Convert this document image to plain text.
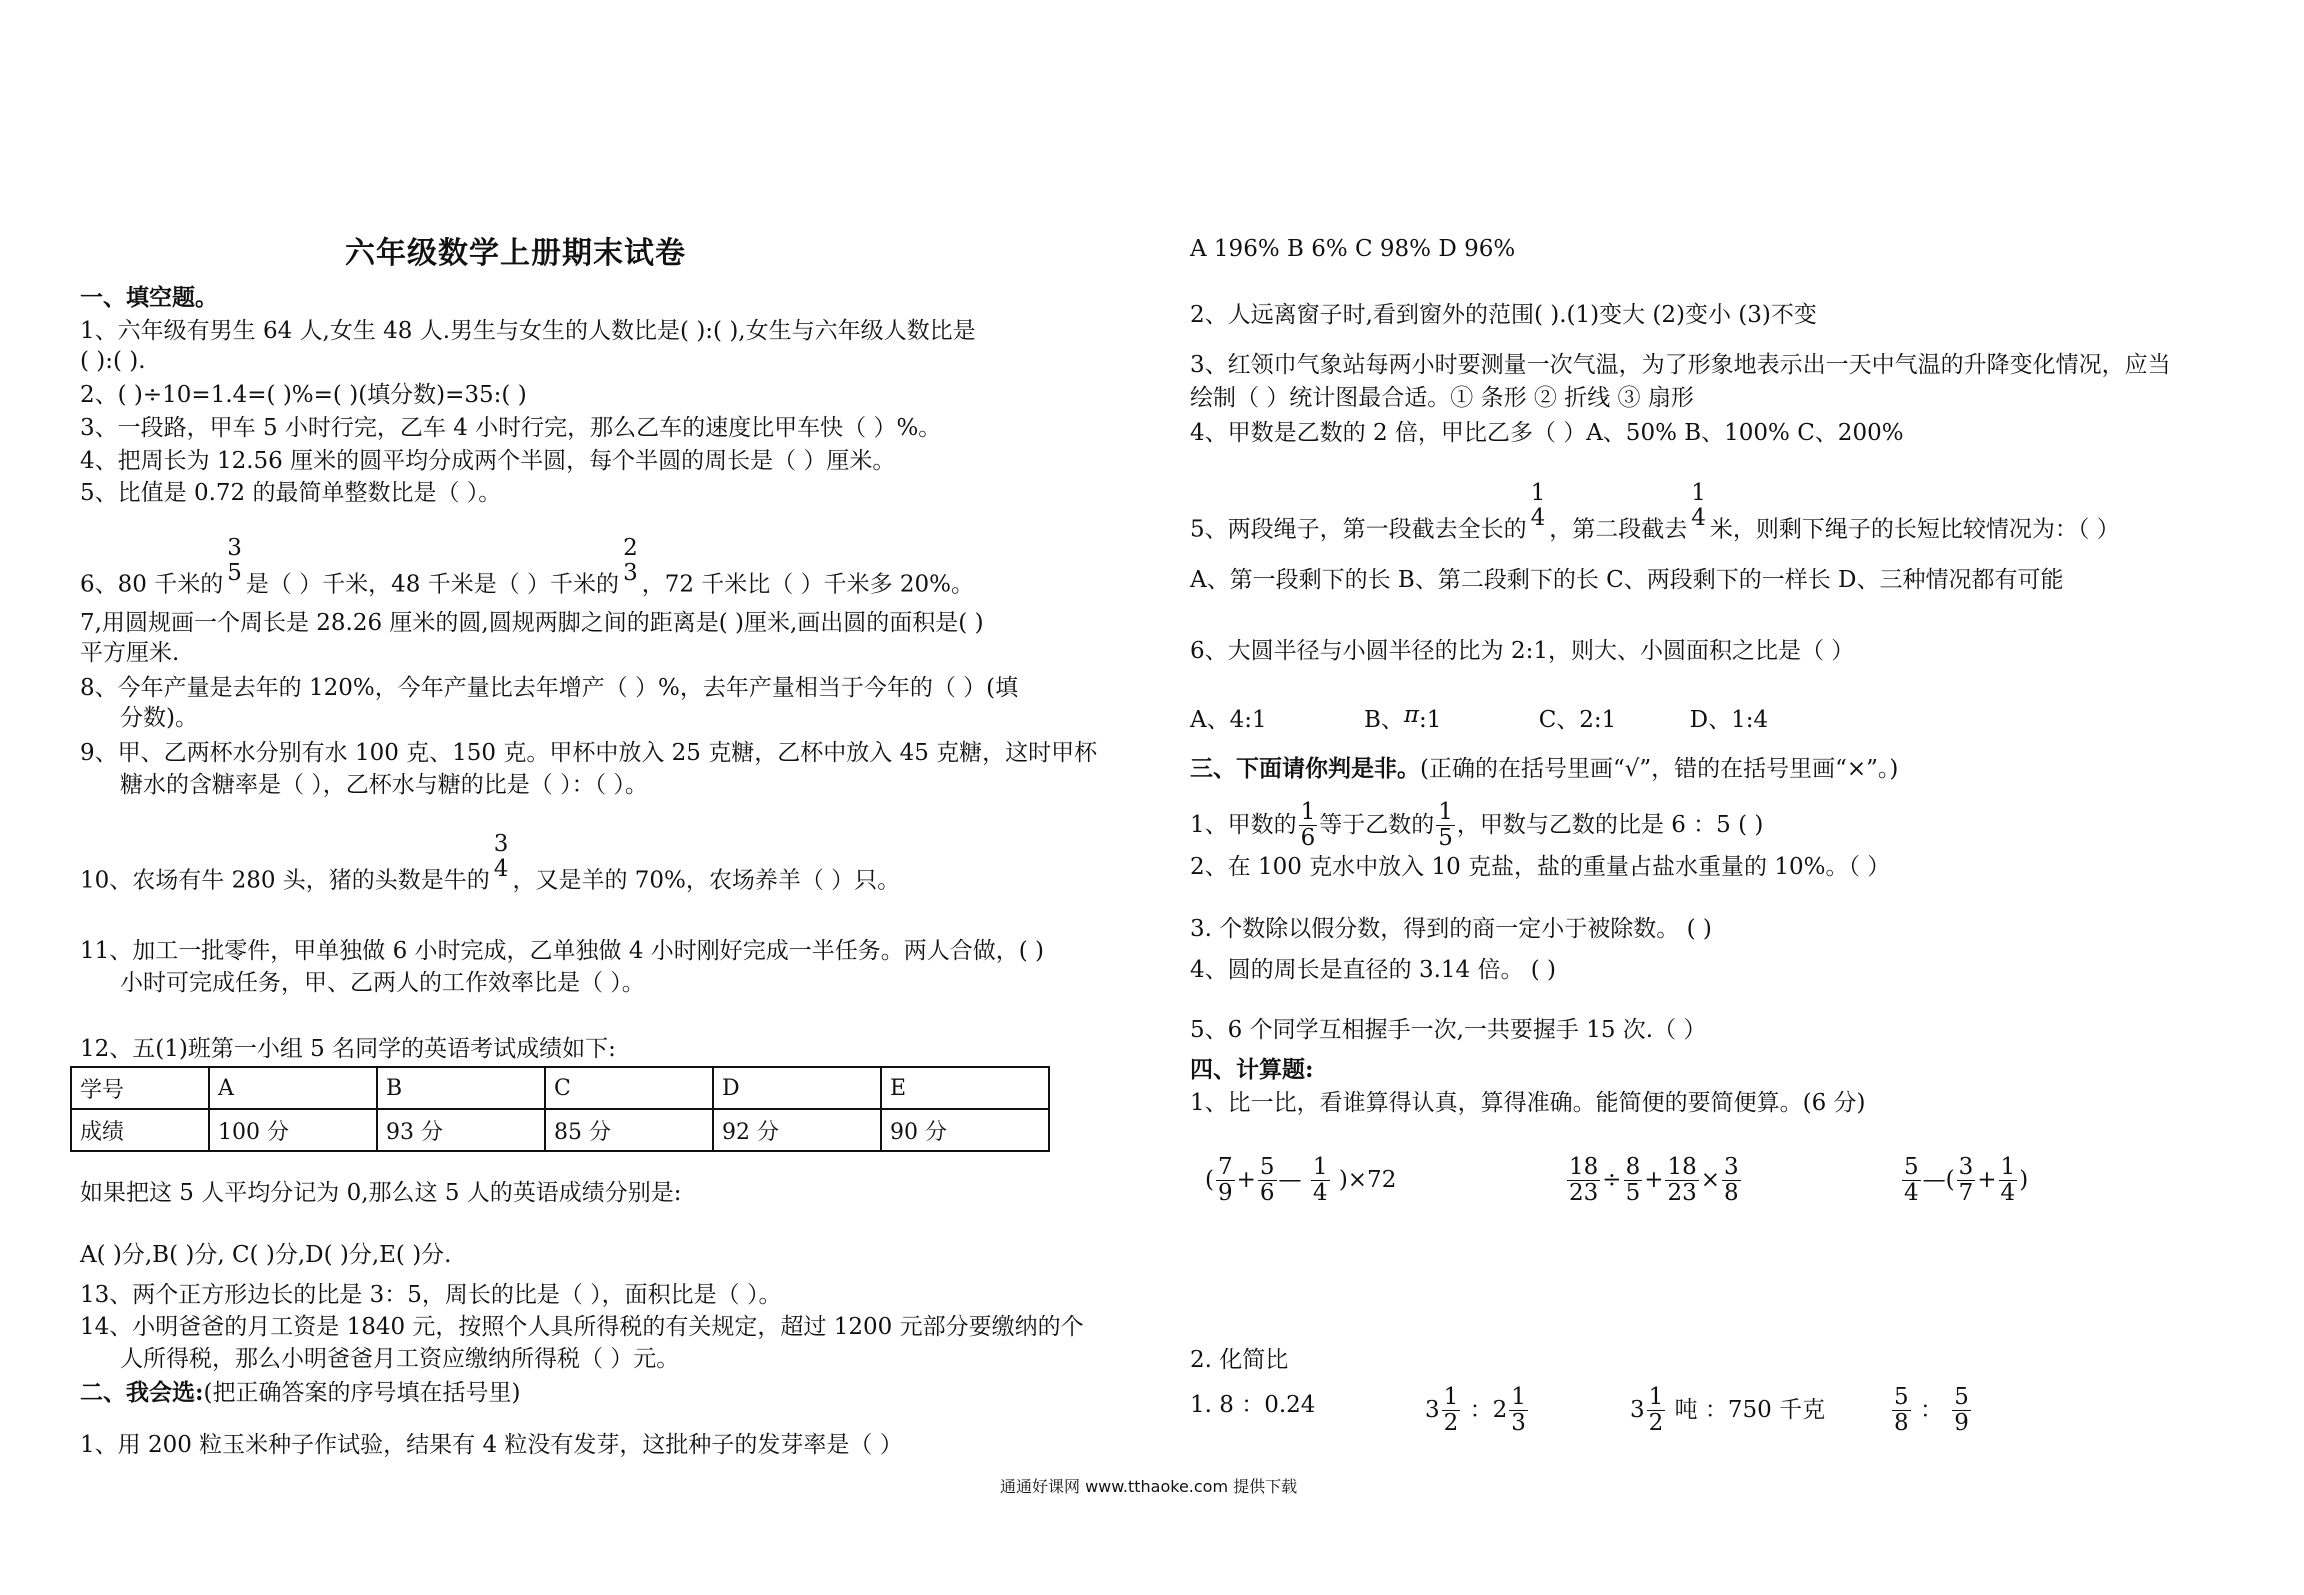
六年级数学上册期末试卷
一、填空题。
1、六年级有男生 64 人,女生 48 人.男生与女生的人数比是( ):( ),女生与六年级人数比是
( ):( ).
2、( )÷10=1.4=( )%=( )(填分数)=35:( )
3、一段路，甲车 5 小时行完，乙车 4 小时行完，那么乙车的速度比甲车快（ ）%。
4、把周长为 12.56 厘米的圆平均分成两个半圆，每个半圆的周长是（ ）厘米。
5、比值是 0.72 的最简单整数比是（ ）。
6、80 千米的
3
5 是（ ）千米，48 千米是（ ）千米的
2
3 ，72 千米比（ ）千米多 20%。
7,用圆规画一个周长是 28.26 厘米的圆,圆规两脚之间的距离是( )厘米,画出圆的面积是( )
平方厘米.
8、今年产量是去年的 120%，今年产量比去年增产（ ）%，去年产量相当于今年的（ ）(填
分数)。
9、甲、乙两杯水分别有水 100 克、150 克。甲杯中放入 25 克糖，乙杯中放入 45 克糖，这时甲杯
糖水的含糖率是（ ），乙杯水与糖的比是（ ）：（ ）。
10、农场有牛 280 头，猪的头数是牛的
3
4 ，又是羊的 70%，农场养羊（ ）只。
11、加工一批零件，甲单独做 6 小时完成，乙单独做 4 小时刚好完成一半任务。两人合做，( )
小时可完成任务，甲、乙两人的工作效率比是（ ）。
12、五(1)班第一小组 5 名同学的英语考试成绩如下:
学号	A	B	C	D	E
成绩	100 分	93 分	85 分	92 分	90 分
如果把这 5 人平均分记为 0,那么这 5 人的英语成绩分别是:
A( )分,B( )分, C( )分,D( )分,E( )分.
13、两个正方形边长的比是 3：5，周长的比是（ ），面积比是（ ）。
14、小明爸爸的月工资是 1840 元，按照个人具所得税的有关规定，超过 1200 元部分要缴纳的个
人所得税，那么小明爸爸月工资应缴纳所得税（ ）元。
二、我会选:(把正确答案的序号填在括号里)
1、用 200 粒玉米种子作试验，结果有 4 粒没有发芽，这批种子的发芽率是（ ）
A 196% B 6% C 98% D 96%
2、人远离窗子时,看到窗外的范围( ).(1)变大 (2)变小 (3)不变
3、红领巾气象站每两小时要测量一次气温，为了形象地表示出一天中气温的升降变化情况，应当
绘制（ ）统计图最合适。① 条形 ② 折线 ③ 扇形
4、甲数是乙数的 2 倍，甲比乙多（ ）A、50% B、100% C、200%
5、两段绳子，第一段截去全长的
1
4 ，第二段截去
1
4 米，则剩下绳子的长短比较情况为：（ ）
A、第一段剩下的长 B、第二段剩下的长 C、两段剩下的一样长 D、三种情况都有可能
6、大圆半径与小圆半径的比为 2:1，则大、小圆面积之比是（ ）
A、4:1	B、π:1	C、2:1	D、1:4
三、下面请你判是非。(正确的在括号里画“√”，错的在括号里画“×”。)
1、甲数的 $\frac{1}{6}$ 等于乙数的 $\frac{1}{5}$ ，甲数与乙数的比是 6 ：5 ( )
2、在 100 克水中放入 10 克盐，盐的重量占盐水重量的 10%。（ ）
3. 个数除以假分数，得到的商一定小于被除数。 ( )
4、圆的周长是直径的 3.14 倍。 ( )
5、6 个同学互相握手一次,一共要握手 15 次.（ ）
四、计算题:
1、比一比，看谁算得认真，算得准确。能简便的要简便算。(6 分)
( $\frac{7}{9} + \frac{5}{6}$ — $\frac{1}{4} )\times 72$	$\frac{18}{23} \div \frac{8}{5} + \frac{18}{23} \times \frac{3}{8}$	$\frac{5}{4}$ —( $\frac{3}{7} + \frac{1}{4}$ )
2. 化简比
1. 8 ：0.24	$3 \frac{1}{2}$ ：$2 \frac{1}{3}$	$3 \frac{1}{2}$ 吨 ：750 千克	$\frac{5}{8}$ ： $\frac{5}{9}$
通通好课网 www.tthaoke.com 提供下载
